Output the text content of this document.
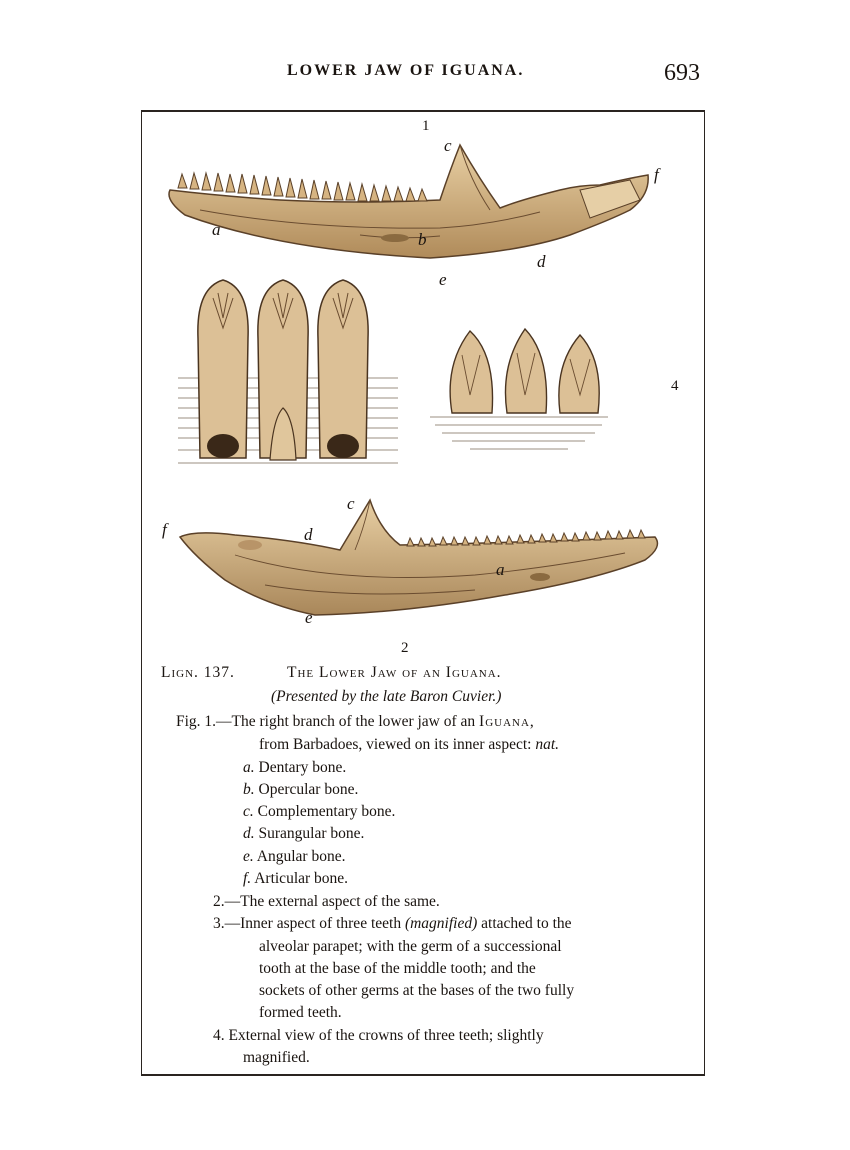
LOWER JAW OF IGUANA.	693
1
c
f
a
b
d
e
4
c
f	d
a
e
2
Lign. 137.	The Lower Jaw of an Iguana.
(Presented by the late Baron Cuvier.)
Fig. 1.—The right branch of the lower jaw of an Iguana,
from Barbadoes, viewed on its inner aspect: nat.
a. Dentary bone.
b. Opercular bone.
c. Complementary bone.
d. Surangular bone.
e. Angular bone.
f. Articular bone.
2.—The external aspect of the same.
3.—Inner aspect of three teeth (magnified) attached to the
alveolar parapet; with the germ of a successional
tooth at the base of the middle tooth; and the
sockets of other germs at the bases of the two fully
formed teeth.
4. External view of the crowns of three teeth; slightly
magnified.
